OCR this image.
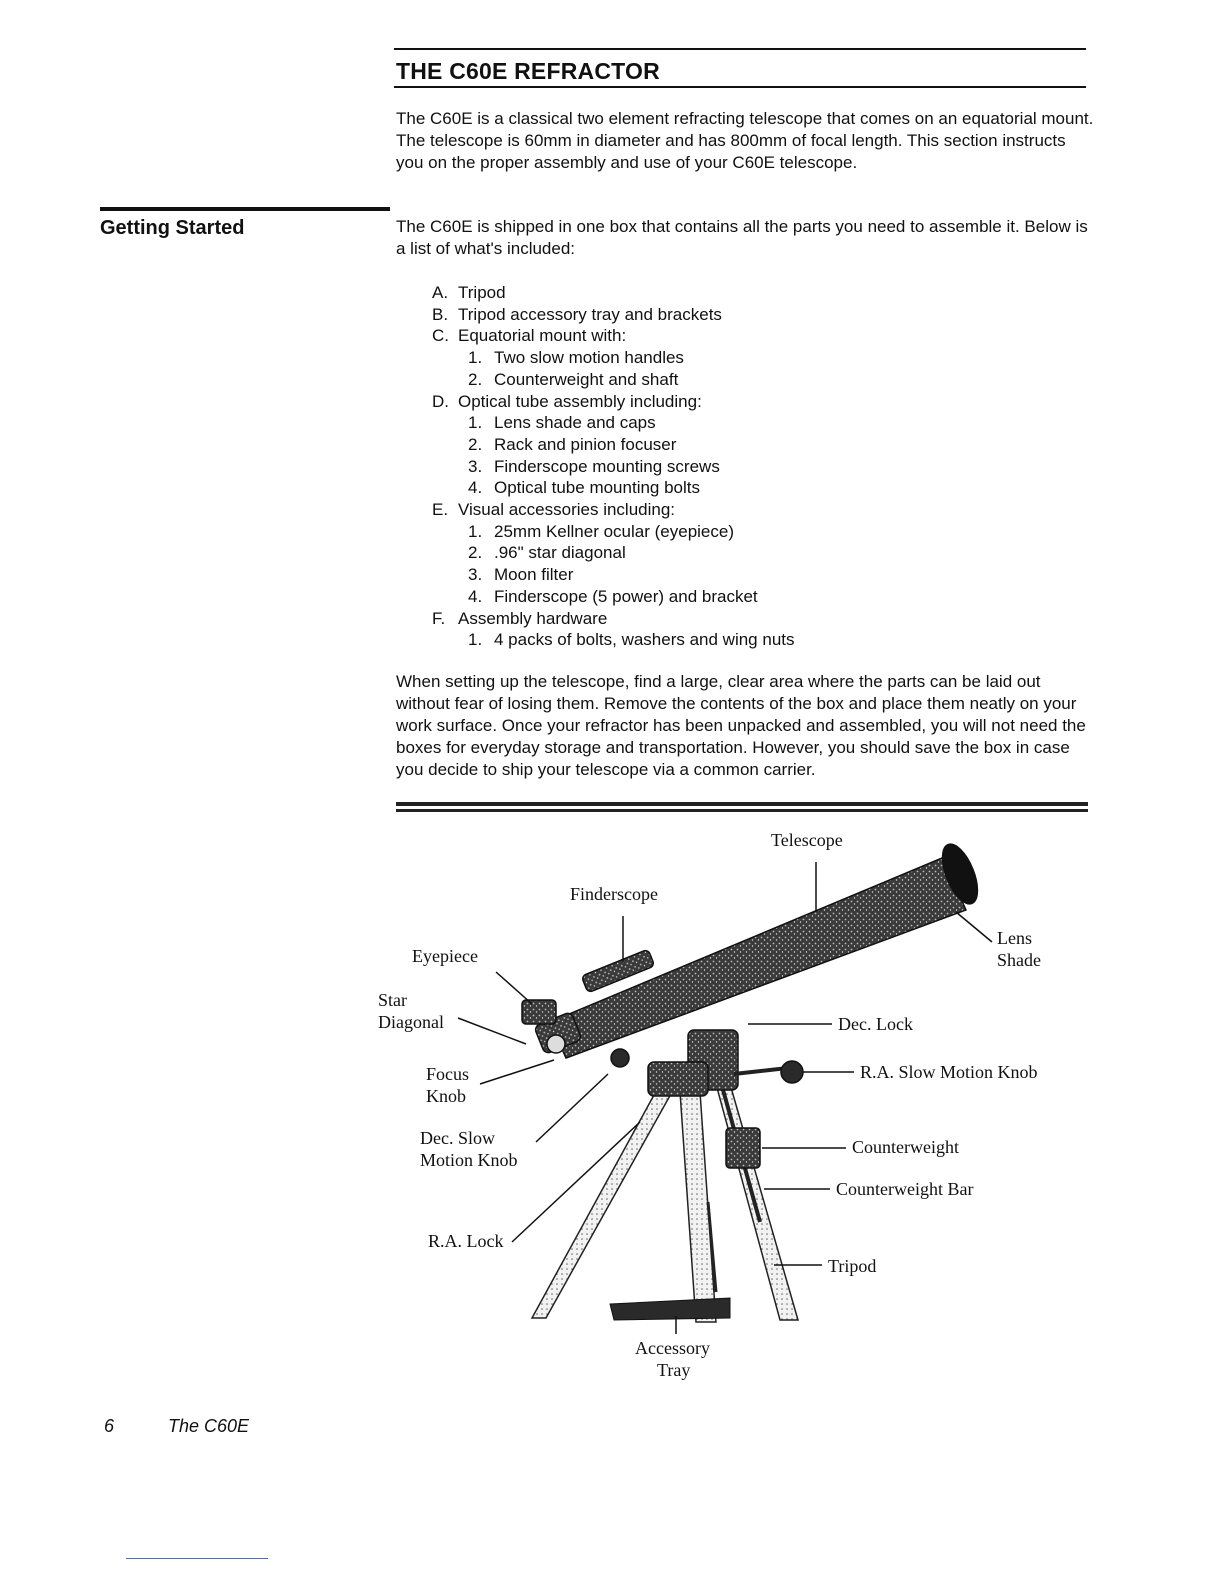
THE C60E REFRACTOR

The C60E is a classical two element refracting telescope that comes on an equatorial mount. The telescope is 60mm in diameter and has 800mm of focal length. This section instructs you on the proper assembly and use of your C60E telescope.

Getting Started	The C60E is shipped in one box that contains all the parts you need to assemble it. Below is a list of what's included:

A. Tripod
B. Tripod accessory tray and brackets
C. Equatorial mount with:
1. Two slow motion handles
2. Counterweight and shaft
D. Optical tube assembly including:
1. Lens shade and caps
2. Rack and pinion focuser
3. Finderscope mounting screws
4. Optical tube mounting bolts
E. Visual accessories including:
1. 25mm Kellner ocular (eyepiece)
2. .96" star diagonal
3. Moon filter
4. Finderscope (5 power) and bracket
F. Assembly hardware
1. 4 packs of bolts, washers and wing nuts

When setting up the telescope, find a large, clear area where the parts can be laid out without fear of losing them. Remove the contents of the box and place them neatly on your work surface. Once your refractor has been unpacked and assembled, you will not need the boxes for everyday storage and transportation. However, you should save the box in case you decide to ship your telescope via a common carrier.

Telescope
Finderscope
Lens
Shade
Eyepiece
Star
Diagonal	Dec. Lock
Focus
Knob
R.A. Slow Motion Knob
Dec. Slow
Motion Knob
Counterweight
Counterweight Bar
R.A. Lock
Tripod
Accessory
Tray

6	The C60E
